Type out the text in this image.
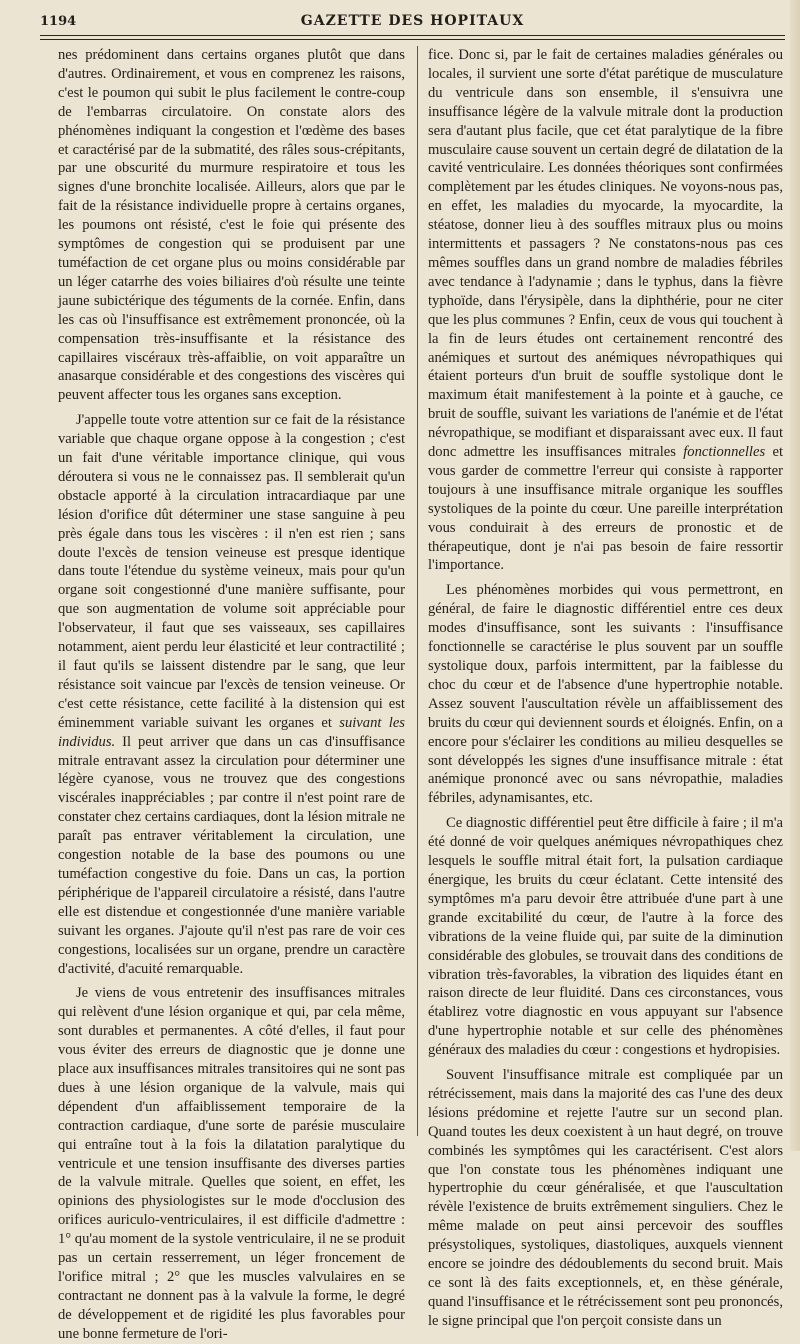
1194	GAZETTE DES HOPITAUX

nes prédominent dans certains organes plutôt que dans d'autres. Ordinairement, et vous en comprenez les raisons, c'est le poumon qui subit le plus facilement le contre-coup de l'embarras circulatoire. On constate alors des phénomènes indiquant la congestion et l'œdème des bases et caractérisé par de la submatité, des râles sous-crépitants, par une obscurité du murmure respiratoire et tous les signes d'une bronchite localisée. Ailleurs, alors que par le fait de la résistance individuelle propre à certains organes, les poumons ont résisté, c'est le foie qui présente des symptômes de congestion qui se produisent par une tuméfaction de cet organe plus ou moins considérable par un léger catarrhe des voies biliaires d'où résulte une teinte jaune subictérique des téguments de la cornée. Enfin, dans les cas où l'insuffisance est extrêmement prononcée, où la compensation très-insuffisante et la résistance des capillaires viscéraux très-affaiblie, on voit apparaître un anasarque considérable et des congestions des viscères qui peuvent affecter tous les organes sans exception.

J'appelle toute votre attention sur ce fait de la résistance variable que chaque organe oppose à la congestion ; c'est un fait d'une véritable importance clinique, qui vous déroutera si vous ne le connaissez pas. Il semblerait qu'un obstacle apporté à la circulation intracardiaque par une lésion d'orifice dût déterminer une stase sanguine à peu près égale dans tous les viscères : il n'en est rien ; sans doute l'excès de tension veineuse est presque identique dans toute l'étendue du système veineux, mais pour qu'un organe soit congestionné d'une manière suffisante, pour que son augmentation de volume soit appréciable pour l'observateur, il faut que ses vaisseaux, ses capillaires notamment, aient perdu leur élasticité et leur contractilité ; il faut qu'ils se laissent distendre par le sang, que leur résistance soit vaincue par l'excès de tension veineuse. Or c'est cette résistance, cette facilité à la distension qui est éminemment variable suivant les organes et suivant les individus. Il peut arriver que dans un cas d'insuffisance mitrale entravant assez la circulation pour déterminer une légère cyanose, vous ne trouvez que des congestions viscérales inappréciables ; par contre il n'est point rare de constater chez certains cardiaques, dont la lésion mitrale ne paraît pas entraver véritablement la circulation, une congestion notable de la base des poumons ou une tuméfaction congestive du foie. Dans un cas, la portion périphérique de l'appareil circulatoire a résisté, dans l'autre elle est distendue et congestionnée d'une manière variable suivant les organes. J'ajoute qu'il n'est pas rare de voir ces congestions, localisées sur un organe, prendre un caractère d'activité, d'acuité remarquable.

Je viens de vous entretenir des insuffisances mitrales qui relèvent d'une lésion organique et qui, par cela même, sont durables et permanentes. A côté d'elles, il faut pour vous éviter des erreurs de diagnostic que je donne une place aux insuffisances mitrales transitoires qui ne sont pas dues à une lésion organique de la valvule, mais qui dépendent d'un affaiblissement temporaire de la contraction cardiaque, d'une sorte de parésie musculaire qui entraîne tout à la fois la dilatation paralytique du ventricule et une tension insuffisante des diverses parties de la valvule mitrale. Quelles que soient, en effet, les opinions des physiologistes sur le mode d'occlusion des orifices auriculo-ventriculaires, il est difficile d'admettre : 1° qu'au moment de la systole ventriculaire, il ne se produit pas un certain resserrement, un léger froncement de l'orifice mitral ; 2° que les muscles valvulaires en se contractant ne donnent pas à la valvule la forme, le degré de développement et de rigidité les plus favorables pour une bonne fermeture de l'ori-

fice. Donc si, par le fait de certaines maladies générales ou locales, il survient une sorte d'état parétique de musculature du ventricule dans son ensemble, il s'ensuivra une insuffisance légère de la valvule mitrale dont la production sera d'autant plus facile, que cet état paralytique de la fibre musculaire cause souvent un certain degré de dilatation de la cavité ventriculaire. Les données théoriques sont confirmées complètement par les études cliniques. Ne voyons-nous pas, en effet, les maladies du myocarde, la myocardite, la stéatose, donner lieu à des souffles mitraux plus ou moins intermittents et passagers ? Ne constatons-nous pas ces mêmes souffles dans un grand nombre de maladies fébriles avec tendance à l'adynamie ; dans le typhus, dans la fièvre typhoïde, dans l'érysipèle, dans la diphthérie, pour ne citer que les plus communes ? Enfin, ceux de vous qui touchent à la fin de leurs études ont certainement rencontré des anémiques et surtout des anémiques névropathiques qui étaient porteurs d'un bruit de souffle systolique dont le maximum était manifestement à la pointe et à gauche, ce bruit de souffle, suivant les variations de l'anémie et de l'état névropathique, se modifiant et disparaissant avec eux. Il faut donc admettre les insuffisances mitrales fonctionnelles et vous garder de commettre l'erreur qui consiste à rapporter toujours à une insuffisance mitrale organique les souffles systoliques de la pointe du cœur. Une pareille interprétation vous conduirait à des erreurs de pronostic et de thérapeutique, dont je n'ai pas besoin de faire ressortir l'importance.

Les phénomènes morbides qui vous permettront, en général, de faire le diagnostic différentiel entre ces deux modes d'insuffisance, sont les suivants : l'insuffisance fonctionnelle se caractérise le plus souvent par un souffle systolique doux, parfois intermittent, par la faiblesse du choc du cœur et de l'absence d'une hypertrophie notable. Assez souvent l'auscultation révèle un affaiblissement des bruits du cœur qui deviennent sourds et éloignés. Enfin, on a encore pour s'éclairer les conditions au milieu desquelles se sont développés les signes d'une insuffisance mitrale : état anémique prononcé avec ou sans névropathie, maladies fébriles, adynamisantes, etc.

Ce diagnostic différentiel peut être difficile à faire ; il m'a été donné de voir quelques anémiques névropathiques chez lesquels le souffle mitral était fort, la pulsation cardiaque énergique, les bruits du cœur éclatant. Cette intensité des symptômes m'a paru devoir être attribuée d'une part à une grande excitabilité du cœur, de l'autre à la force des vibrations de la veine fluide qui, par suite de la diminution considérable des globules, se trouvait dans des conditions de vibration très-favorables, la vibration des liquides étant en raison directe de leur fluidité. Dans ces circonstances, vous établirez votre diagnostic en vous appuyant sur l'absence d'une hypertrophie notable et sur celle des phénomènes généraux des maladies du cœur : congestions et hydropisies.

Souvent l'insuffisance mitrale est compliquée par un rétrécissement, mais dans la majorité des cas l'une des deux lésions prédomine et rejette l'autre sur un second plan. Quand toutes les deux coexistent à un haut degré, on trouve combinés les symptômes qui les caractérisent. C'est alors que l'on constate tous les phénomènes indiquant une hypertrophie du cœur généralisée, et que l'auscultation révèle l'existence de bruits extrêmement singuliers. Chez le même malade on peut ainsi percevoir des souffles présystoliques, systoliques, diastoliques, auxquels viennent encore se joindre des dédoublements du second bruit. Mais ce sont là des faits exceptionnels, et, en thèse générale, quand l'insuffisance et le rétrécissement sont peu prononcés, le signe principal que l'on perçoit consiste dans un
